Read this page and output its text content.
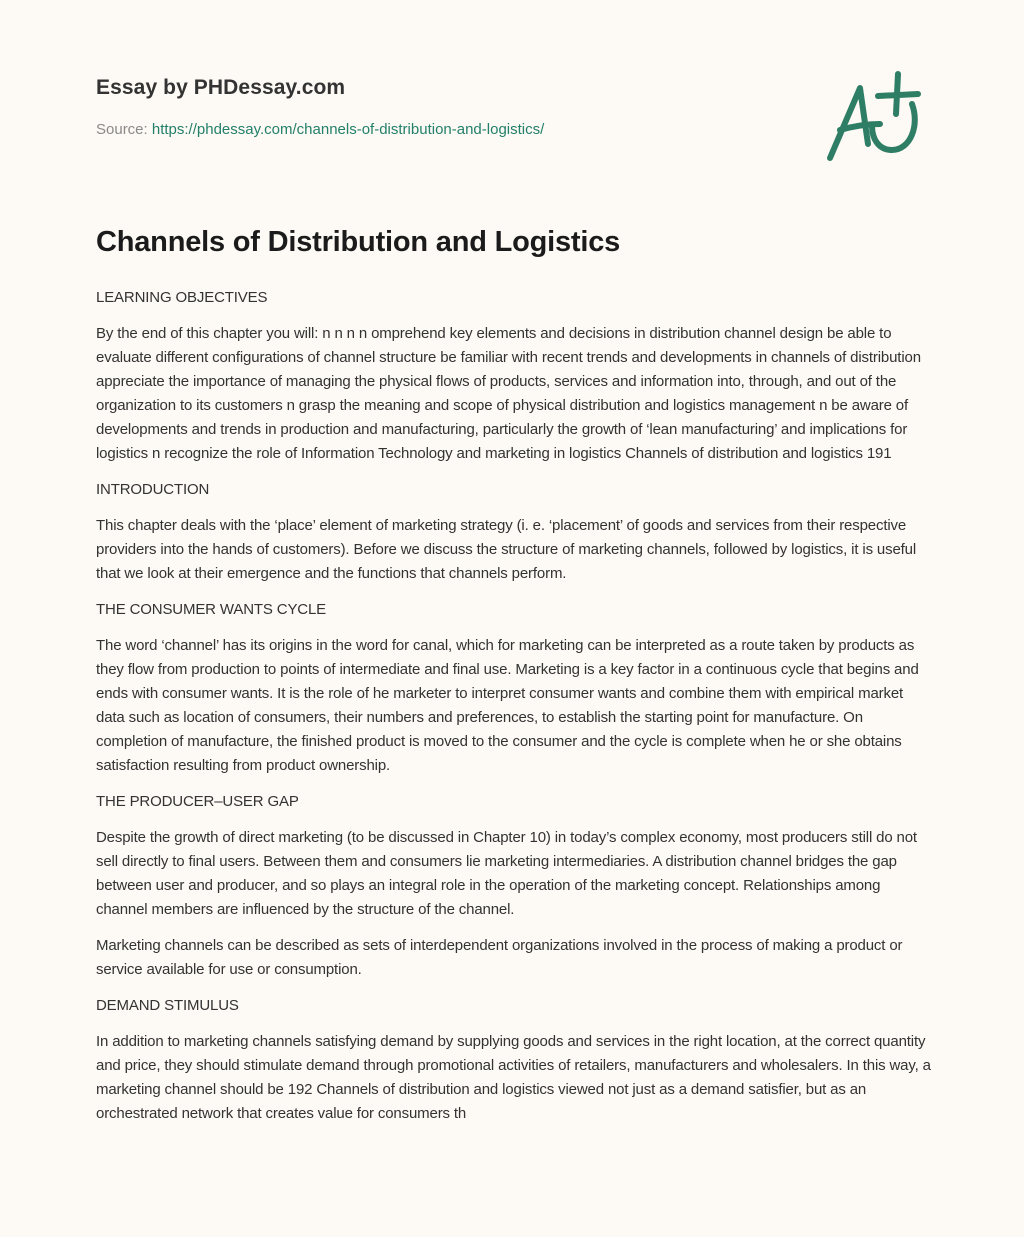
Essay by PHDessay.com
Source: https://phdessay.com/channels-of-distribution-and-logistics/
Channels of Distribution and Logistics

LEARNING OBJECTIVES

By the end of this chapter you will: n n n n omprehend key elements and decisions in distribution channel design be able to evaluate different configurations of channel structure be familiar with recent trends and developments in channels of distribution appreciate the importance of managing the physical flows of products, services and information into, through, and out of the organization to its customers n grasp the meaning and scope of physical distribution and logistics management n be aware of developments and trends in production and manufacturing, particularly the growth of ‘lean manufacturing’ and implications for logistics n recognize the role of Information Technology and marketing in logistics Channels of distribution and logistics 191

INTRODUCTION

This chapter deals with the ‘place’ element of marketing strategy (i. e. ‘placement’ of goods and services from their respective providers into the hands of customers). Before we discuss the structure of marketing channels, followed by logistics, it is useful that we look at their emergence and the functions that channels perform.

THE CONSUMER WANTS CYCLE

The word ‘channel’ has its origins in the word for canal, which for marketing can be interpreted as a route taken by products as they flow from production to points of intermediate and final use. Marketing is a key factor in a continuous cycle that begins and ends with consumer wants. It is the role of he marketer to interpret consumer wants and combine them with empirical market data such as location of consumers, their numbers and preferences, to establish the starting point for manufacture. On completion of manufacture, the finished product is moved to the consumer and the cycle is complete when he or she obtains satisfaction resulting from product ownership.

THE PRODUCER–USER GAP

Despite the growth of direct marketing (to be discussed in Chapter 10) in today’s complex economy, most producers still do not sell directly to final users. Between them and consumers lie marketing intermediaries. A distribution channel bridges the gap between user and producer, and so plays an integral role in the operation of the marketing concept. Relationships among channel members are influenced by the structure of the channel.

Marketing channels can be described as sets of interdependent organizations involved in the process of making a product or service available for use or consumption.

DEMAND STIMULUS

In addition to marketing channels satisfying demand by supplying goods and services in the right location, at the correct quantity and price, they should stimulate demand through promotional activities of retailers, manufacturers and wholesalers. In this way, a marketing channel should be 192 Channels of distribution and logistics viewed not just as a demand satisfier, but as an orchestrated network that creates value for consumers th
